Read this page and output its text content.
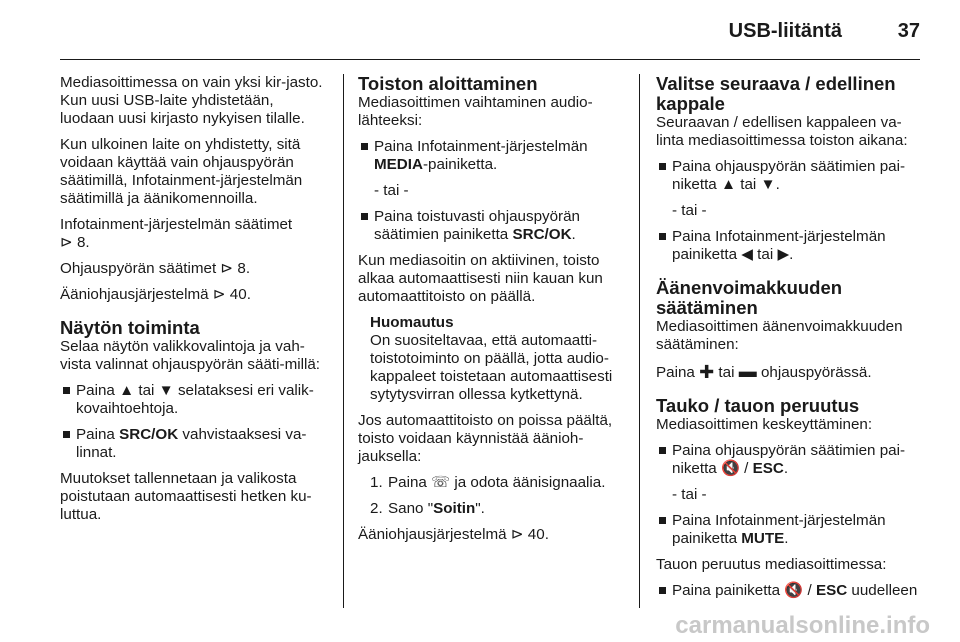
USB-liitäntä	37

Mediasoittimessa on vain yksi kir-jasto. Kun uusi USB-laite yhdistetään, luodaan uusi kirjasto nykyisen tilalle.

Kun ulkoinen laite on yhdistetty, sitä voidaan käyttää vain ohjauspyörän säätimillä, Infotainment-järjestelmän säätimillä ja äänikomennoilla.

Infotainment-järjestelmän säätimet
⊳ 8.

Ohjauspyörän säätimet ⊳ 8.

Ääniohjausjärjestelmä ⊳ 40.

Näytön toiminta

Selaa näytön valikkovalintoja ja vah-vista valinnat ohjauspyörän sääti-millä:

Paina ▲ tai ▼ selataksesi eri valik-kovaihtoehtoja.
Paina SRC/OK vahvistaaksesi va-linnat.

Muutokset tallennetaan ja valikosta poistutaan automaattisesti hetken ku-luttua.

Toiston aloittaminen

Mediasoittimen vaihtaminen audio-lähteeksi:

Paina Infotainment-järjestelmän MEDIA-painiketta.
- tai -
Paina toistuvasti ohjauspyörän säätimien painiketta SRC/OK.

Kun mediasoitin on aktiivinen, toisto alkaa automaattisesti niin kauan kun automaattitoisto on päällä.

Huomautus
On suositeltavaa, että automaatti-toistotoiminto on päällä, jotta audio-kappaleet toistetaan automaattisesti sytytysvirran ollessa kytkettynä.

Jos automaattitoisto on poissa päältä, toisto voidaan käynnistää äänioh-jauksella:

1. Paina ☏ ja odota äänisignaalia.
2. Sano "Soitin".

Ääniohjausjärjestelmä ⊳ 40.

Valitse seuraava / edellinen kappale

Seuraavan / edellisen kappaleen va-linta mediasoittimessa toiston aikana:

Paina ohjauspyörän säätimien pai-niketta ▲ tai ▼.
- tai -
Paina Infotainment-järjestelmän painiketta ◀ tai ▶.
Äänenvoimakkuuden säätäminen

Mediasoittimen äänenvoimakkuuden säätäminen:

Paina ✚ tai ▬ ohjauspyörässä.

Tauko / tauon peruutus

Mediasoittimen keskeyttäminen:

Paina ohjauspyörän säätimien pai-niketta 🔇 / ESC.
- tai -
Paina Infotainment-järjestelmän painiketta MUTE.

Tauon peruutus mediasoittimessa:

Paina painiketta 🔇 / ESC uudelleen
carmanualsonline.info
